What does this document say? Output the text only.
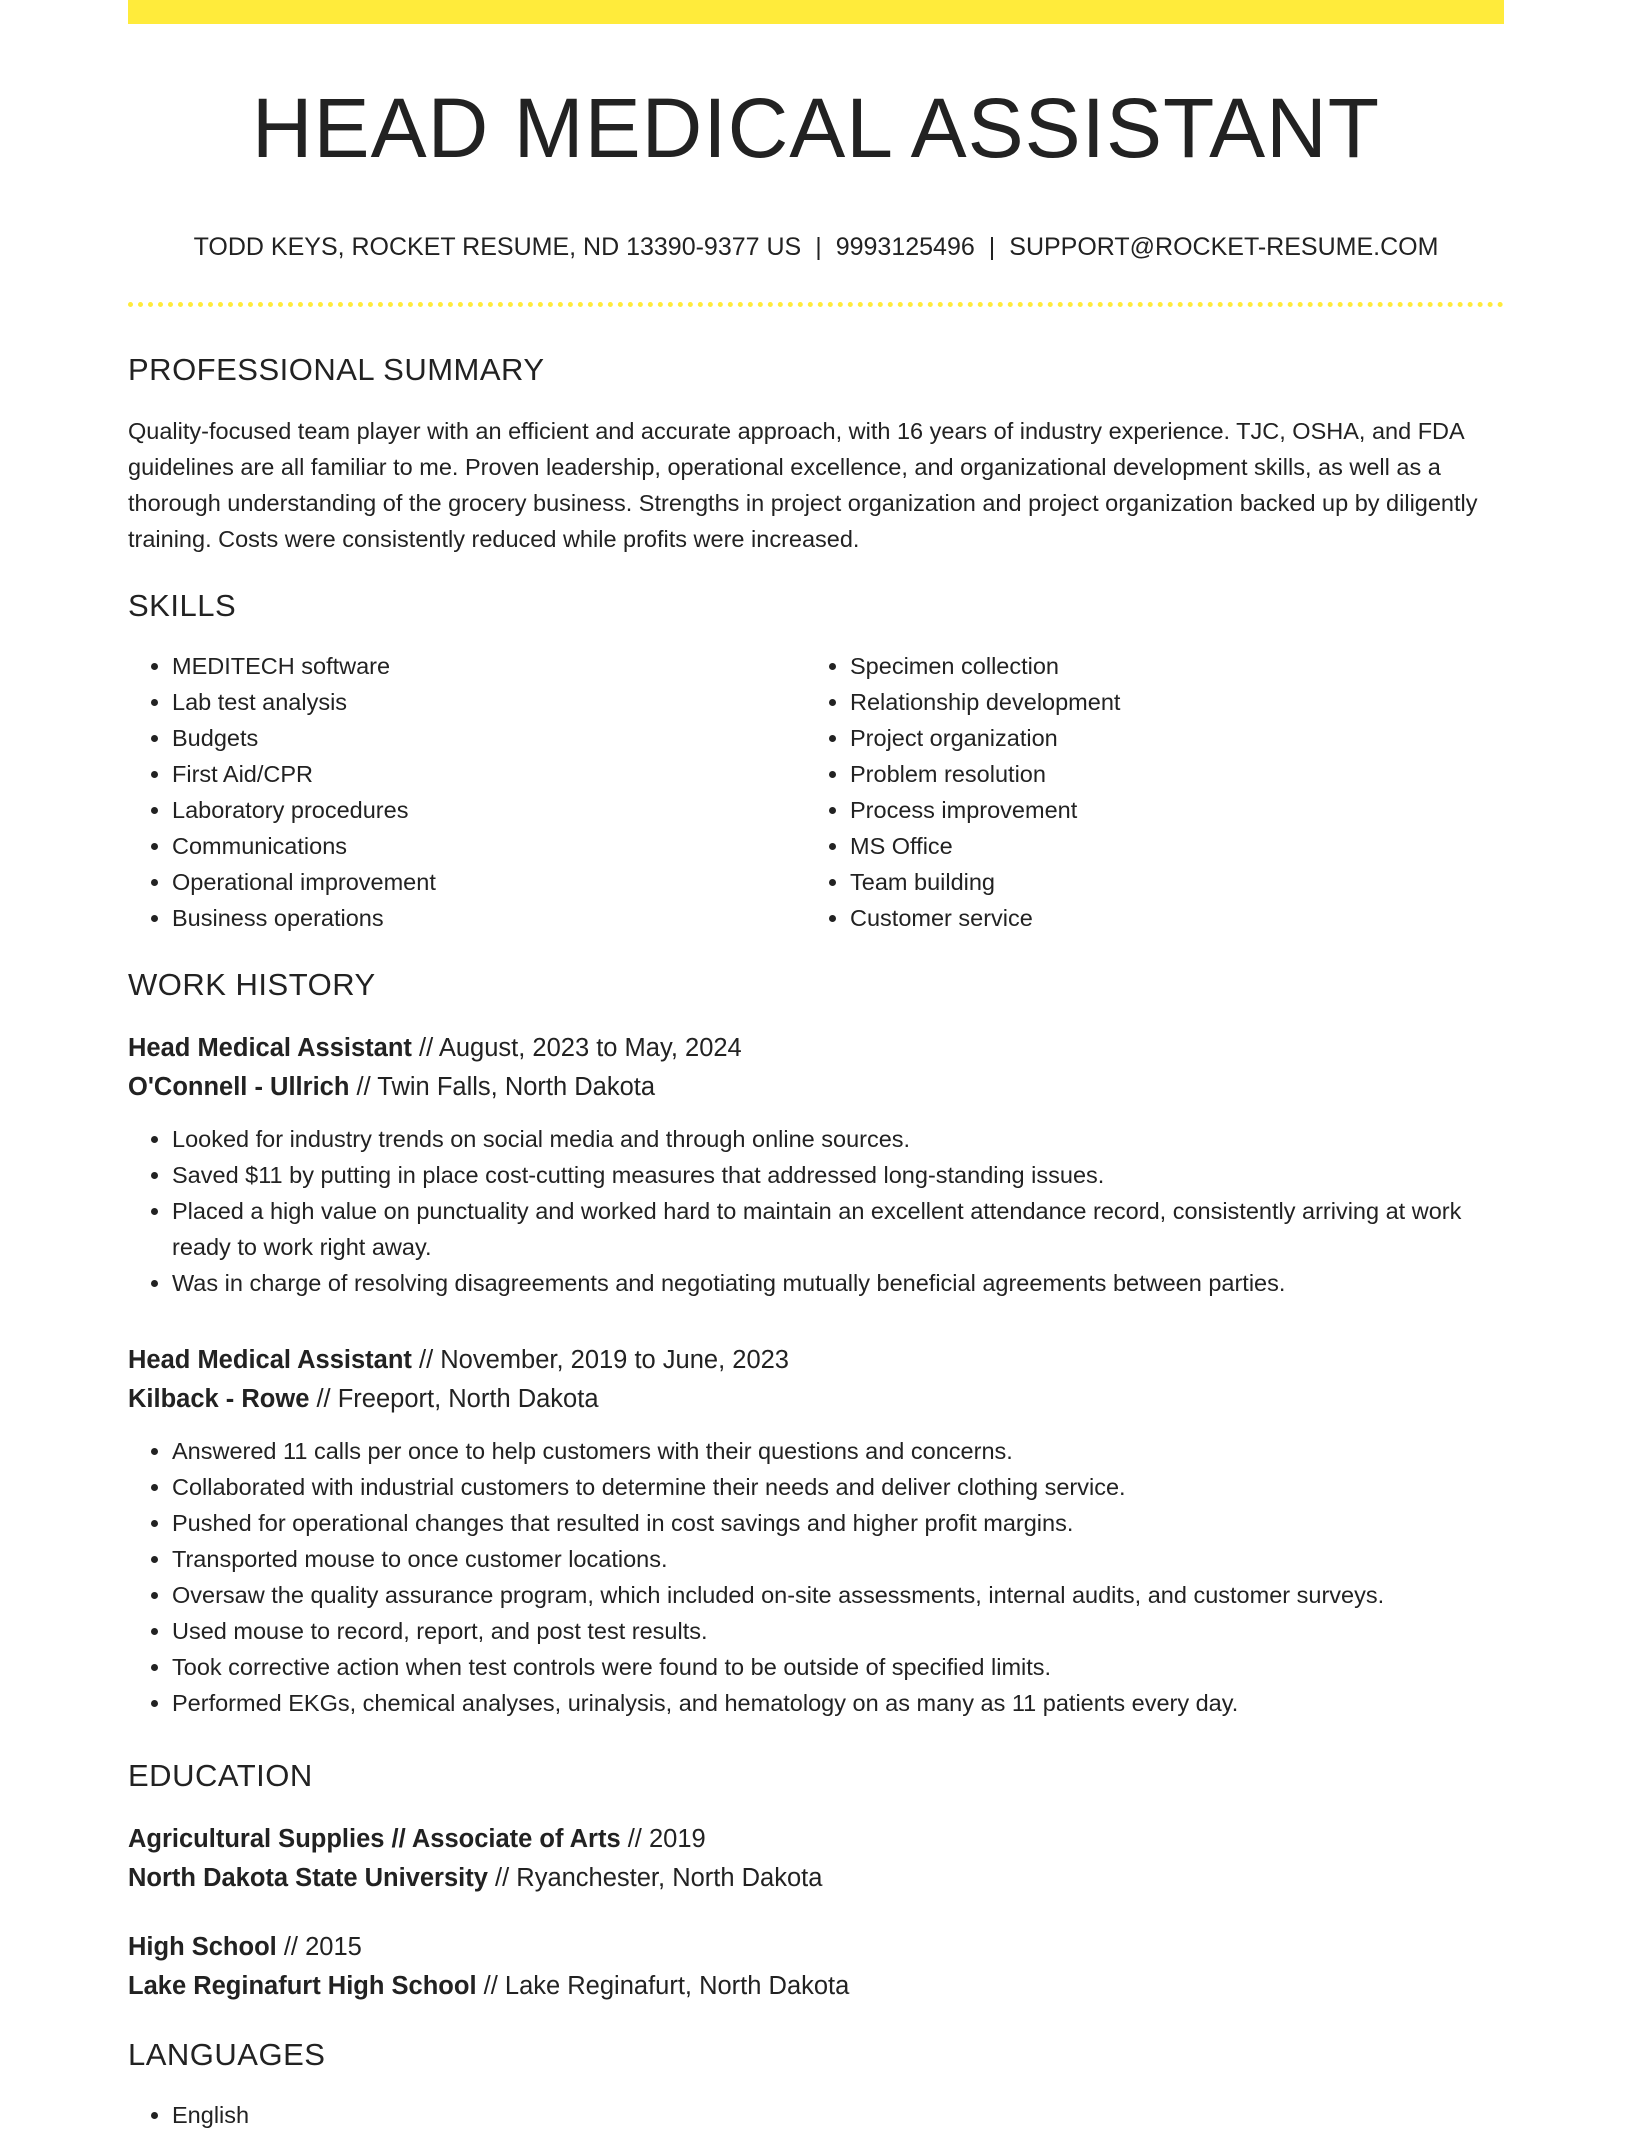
HEAD MEDICAL ASSISTANT
TODD KEYS, ROCKET RESUME, ND 13390-9377 US | 9993125496 | SUPPORT@ROCKET-RESUME.COM
PROFESSIONAL SUMMARY

Quality-focused team player with an efficient and accurate approach, with 16 years of industry experience. TJC, OSHA, and FDA guidelines are all familiar to me. Proven leadership, operational excellence, and organizational development skills, as well as a thorough understanding of the grocery business. Strengths in project organization and project organization backed up by diligently training. Costs were consistently reduced while profits were increased.

SKILLS
• MEDITECH software
• Lab test analysis
• Budgets
• First Aid/CPR
• Laboratory procedures
• Communications
• Operational improvement
• Business operations
• Specimen collection
• Relationship development
• Project organization
• Problem resolution
• Process improvement
• MS Office
• Team building
• Customer service
WORK HISTORY
Head Medical Assistant // August, 2023 to May, 2024
O'Connell - Ullrich // Twin Falls, North Dakota
• Looked for industry trends on social media and through online sources.
• Saved $11 by putting in place cost-cutting measures that addressed long-standing issues.
• Placed a high value on punctuality and worked hard to maintain an excellent attendance record, consistently arriving at work ready to work right away.
• Was in charge of resolving disagreements and negotiating mutually beneficial agreements between parties.
Head Medical Assistant // November, 2019 to June, 2023
Kilback - Rowe // Freeport, North Dakota
• Answered 11 calls per once to help customers with their questions and concerns.
• Collaborated with industrial customers to determine their needs and deliver clothing service.
• Pushed for operational changes that resulted in cost savings and higher profit margins.
• Transported mouse to once customer locations.
• Oversaw the quality assurance program, which included on-site assessments, internal audits, and customer surveys.
• Used mouse to record, report, and post test results.
• Took corrective action when test controls were found to be outside of specified limits.
• Performed EKGs, chemical analyses, urinalysis, and hematology on as many as 11 patients every day.
EDUCATION
Agricultural Supplies // Associate of Arts // 2019
North Dakota State University // Ryanchester, North Dakota
High School // 2015
Lake Reginafurt High School // Lake Reginafurt, North Dakota
LANGUAGES
• English
